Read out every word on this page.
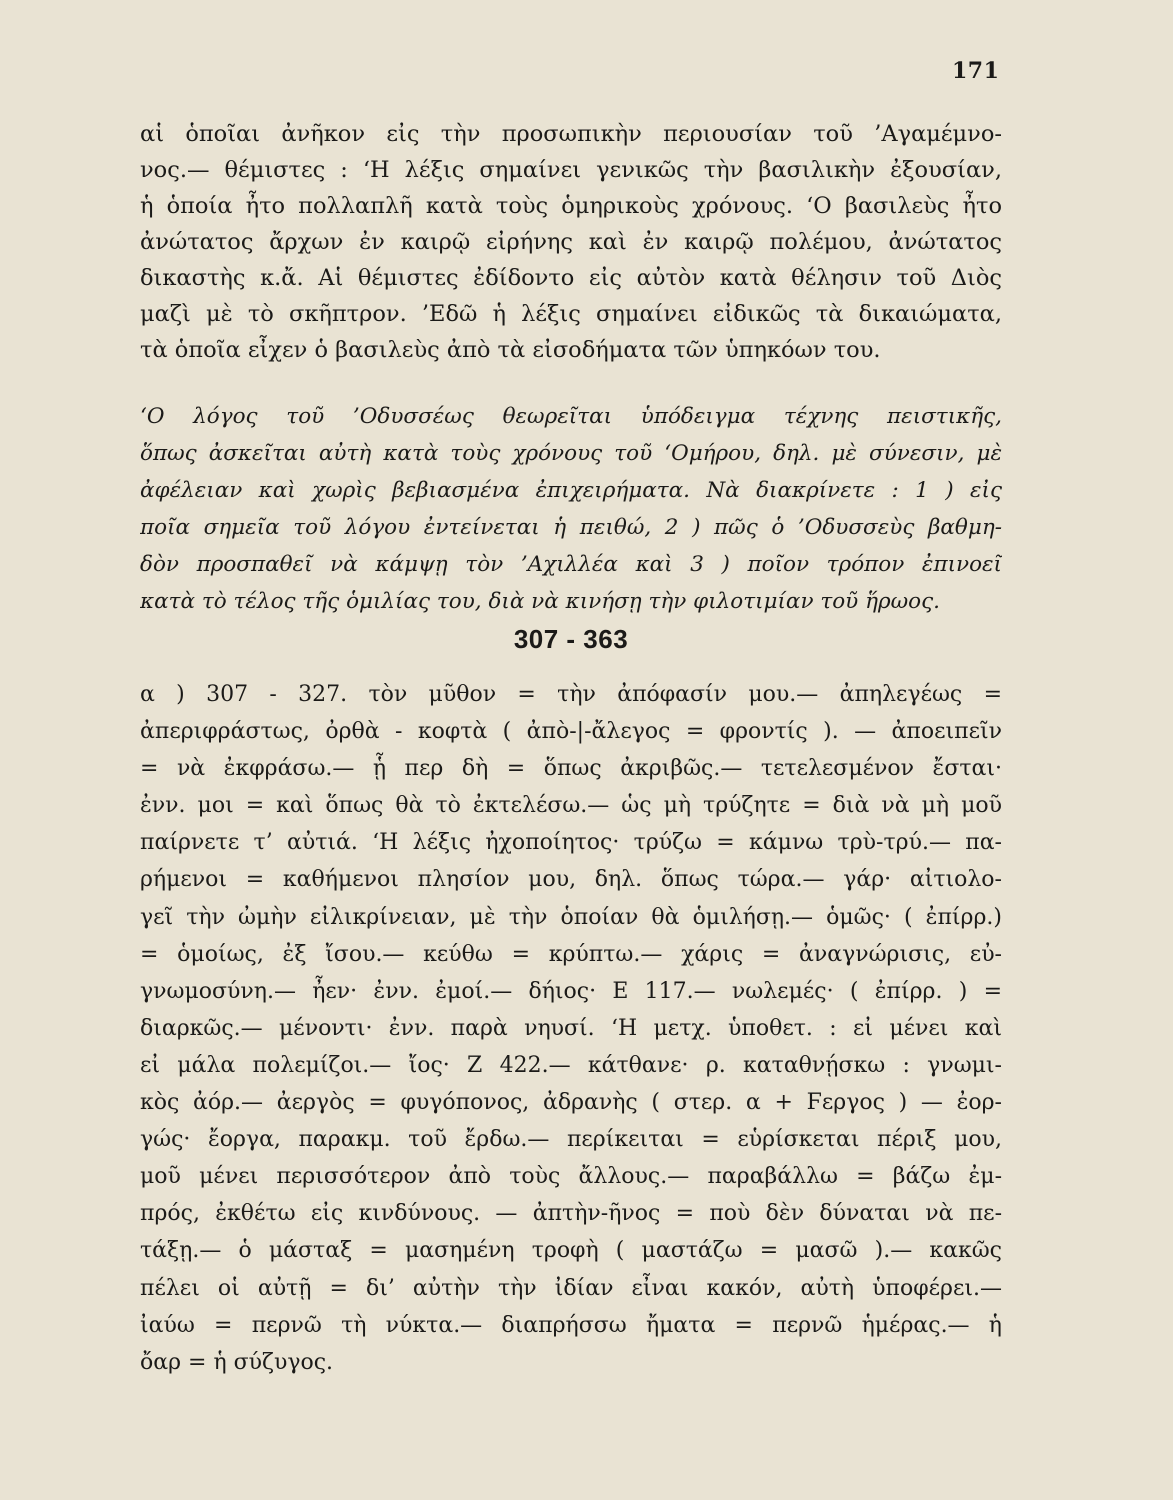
171
αἱ ὁποῖαι ἀνῆκον εἰς τὴν προσωπικὴν περιουσίαν τοῦ ’Αγαμέμνο-
νος.— θέμιστες : ‘Η λέξις σημαίνει γενικῶς τὴν βασιλικὴν ἐξουσίαν,
ἡ ὁποία ἦτο πολλαπλῆ κατὰ τοὺς ὁμηρικοὺς χρόνους. ‘Ο βασιλεὺς ἦτο
ἀνώτατος ἄρχων ἐν καιρῷ εἰρήνης καὶ ἐν καιρῷ πολέμου, ἀνώτατος
δικαστὴς κ.ἄ. Αἱ θέμιστες ἐδίδοντο εἰς αὐτὸν κατὰ θέλησιν τοῦ Διὸς
μαζὶ μὲ τὸ σκῆπτρον. ’Εδῶ ἡ λέξις σημαίνει εἰδικῶς τὰ δικαιώματα,
τὰ ὁποῖα εἶχεν ὁ βασιλεὺς ἀπὸ τὰ εἰσοδήματα τῶν ὑπηκόων του.
‘Ο λόγος τοῦ ’Οδυσσέως θεωρεῖται ὑπόδειγμα τέχνης πειστικῆς,
ὅπως ἀσκεῖται αὐτὴ κατὰ τοὺς χρόνους τοῦ ‘Ομήρου, δηλ. μὲ σύνεσιν, μὲ
ἀφέλειαν καὶ χωρὶς βεβιασμένα ἐπιχειρήματα. Νὰ διακρίνετε : 1 ) εἰς
ποῖα σημεῖα τοῦ λόγου ἐντείνεται ἡ πειθώ, 2 ) πῶς ὁ ’Οδυσσεὺς βαθμη-
δὸν προσπαθεῖ νὰ κάμψῃ τὸν ’Αχιλλέα καὶ 3 ) ποῖον τρόπον ἐπινοεῖ
κατὰ τὸ τέλος τῆς ὁμιλίας του, διὰ νὰ κινήσῃ τὴν φιλοτιμίαν τοῦ ἥρωος.
307 - 363
α ) 307 - 327. τὸν μῦθον = τὴν ἀπόφασίν μου.— ἀπηλεγέως =
ἀπεριφράστως, ὀρθὰ - κοφτὰ ( ἀπὸ-|-ἄλεγος = φροντίς ). — ἀποειπεῖν
= νὰ ἐκφράσω.— ᾗ περ δὴ = ὅπως ἀκριβῶς.— τετελεσμένον ἔσται·
ἐνν. μοι = καὶ ὅπως θὰ τὸ ἐκτελέσω.— ὡς μὴ τρύζητε = διὰ νὰ μὴ μοῦ
παίρνετε τ’ αὐτιά. ‘Η λέξις ἠχοποίητος· τρύζω = κάμνω τρὺ-τρύ.— πα-
ρήμενοι = καθήμενοι πλησίον μου, δηλ. ὅπως τώρα.— γάρ· αἰτιολο-
γεῖ τὴν ὠμὴν εἰλικρίνειαν, μὲ τὴν ὁποίαν θὰ ὁμιλήσῃ.— ὁμῶς· ( ἐπίρρ.)
= ὁμοίως, ἐξ ἴσου.— κεύθω = κρύπτω.— χάρις = ἀναγνώρισις, εὐ-
γνωμοσύνη.— ἦεν· ἐνν. ἐμοί.— δήιος· Ε 117.— νωλεμές· ( ἐπίρρ. ) =
διαρκῶς.— μένοντι· ἐνν. παρὰ νηυσί. ‘Η μετχ. ὑποθετ. : εἰ μένει καὶ
εἰ μάλα πολεμίζοι.— ἴος· Ζ 422.— κάτθανε· ρ. καταθνῄσκω : γνωμι-
κὸς ἀόρ.— ἀεργὸς = φυγόπονος, ἀδρανὴς ( στερ. α + Ϝεργος ) — ἐορ-
γώς· ἔοργα, παρακμ. τοῦ ἔρδω.— περίκειται = εὑρίσκεται πέριξ μου,
μοῦ μένει περισσότερον ἀπὸ τοὺς ἄλλους.— παραβάλλω = βάζω ἐμ-
πρός, ἐκθέτω εἰς κινδύνους. — ἀπτὴν-ῆνος = ποὺ δὲν δύναται νὰ πε-
τάξῃ.— ὁ μάσταξ = μασημένη τροφὴ ( μαστάζω = μασῶ ).— κακῶς
πέλει οἱ αὐτῇ = δι’ αὐτὴν τὴν ἰδίαν εἶναι κακόν, αὐτὴ ὑποφέρει.—
ἰαύω = περνῶ τὴ νύκτα.— διαπρήσσω ἤματα = περνῶ ἡμέρας.— ἡ
ὄαρ = ἡ σύζυγος.
